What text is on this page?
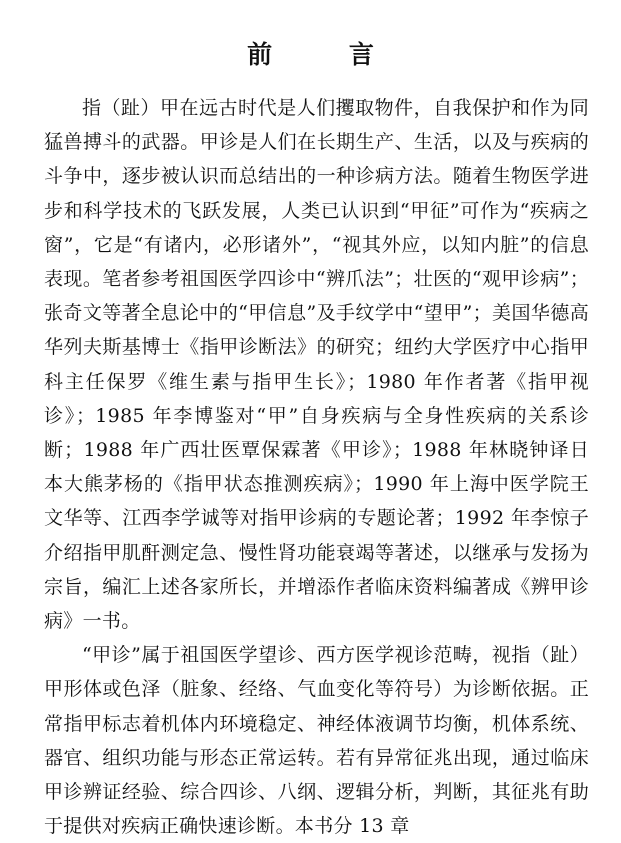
前 言

指（趾）甲在远古时代是人们攫取物件，自我保护和作为同猛兽搏斗的武器。甲诊是人们在长期生产、生活，以及与疾病的斗争中，逐步被认识而总结出的一种诊病方法。随着生物医学进步和科学技术的飞跃发展，人类已认识到“甲征”可作为“疾病之窗”，它是“有诸内，必形诸外”，“视其外应，以知内脏”的信息表现。笔者参考祖国医学四诊中“辨爪法”；壮医的“观甲诊病”；张奇文等著全息论中的“甲信息”及手纹学中“望甲”；美国华德高华列夫斯基博士《指甲诊断法》的研究；纽约大学医疗中心指甲科主任保罗《维生素与指甲生长》；1980 年作者著《指甲视诊》；1985 年李博鉴对“甲”自身疾病与全身性疾病的关系诊断；1988 年广西壮医覃保霖著《甲诊》；1988 年林晓钟译日本大熊茅杨的《指甲状态推测疾病》；1990 年上海中医学院王文华等、江西李学诚等对指甲诊病的专题论著；1992 年李惊子介绍指甲肌酐测定急、慢性肾功能衰竭等著述，以继承与发扬为宗旨，编汇上述各家所长，并增添作者临床资料编著成《辨甲诊病》一书。

“甲诊”属于祖国医学望诊、西方医学视诊范畴，视指（趾）甲形体或色泽（脏象、经络、气血变化等符号）为诊断依据。正常指甲标志着机体内环境稳定、神经体液调节均衡，机体系统、器官、组织功能与形态正常运转。若有异常征兆出现，通过临床甲诊辨证经验、综合四诊、八纲、逻辑分析，判断，其征兆有助于提供对疾病正确快速诊断。本书分 13 章
